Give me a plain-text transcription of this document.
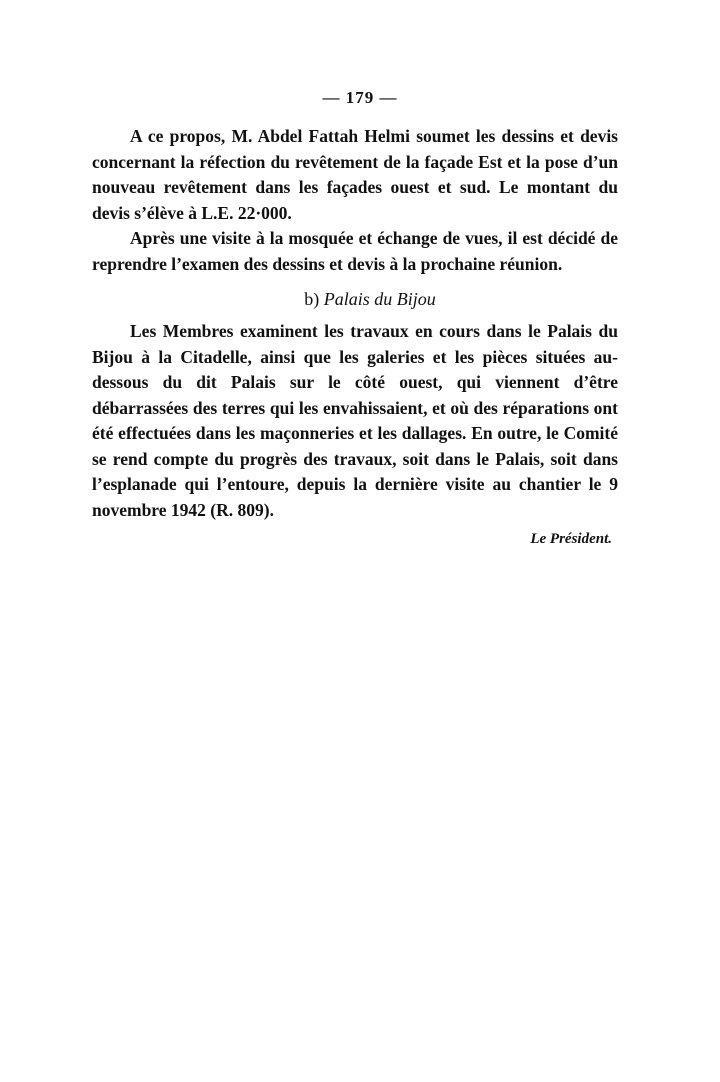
— 179 —

A ce propos, M. Abdel Fattah Helmi soumet les dessins et devis concernant la réfection du revêtement de la façade Est et la pose d’un nouveau revêtement dans les façades ouest et sud. Le montant du devis s’élève à L.E. 22·000.

Après une visite à la mosquée et échange de vues, il est décidé de reprendre l’examen des dessins et devis à la prochaine réunion.

b) Palais du Bijou

Les Membres examinent les travaux en cours dans le Palais du Bijou à la Citadelle, ainsi que les galeries et les pièces situées au-dessous du dit Palais sur le côté ouest, qui viennent d’être débarrassées des terres qui les envahissaient, et où des réparations ont été effectuées dans les maçonneries et les dallages. En outre, le Comité se rend compte du progrès des travaux, soit dans le Palais, soit dans l’esplanade qui l’entoure, depuis la dernière visite au chantier le 9 novembre 1942 (R. 809).

Le Président.
